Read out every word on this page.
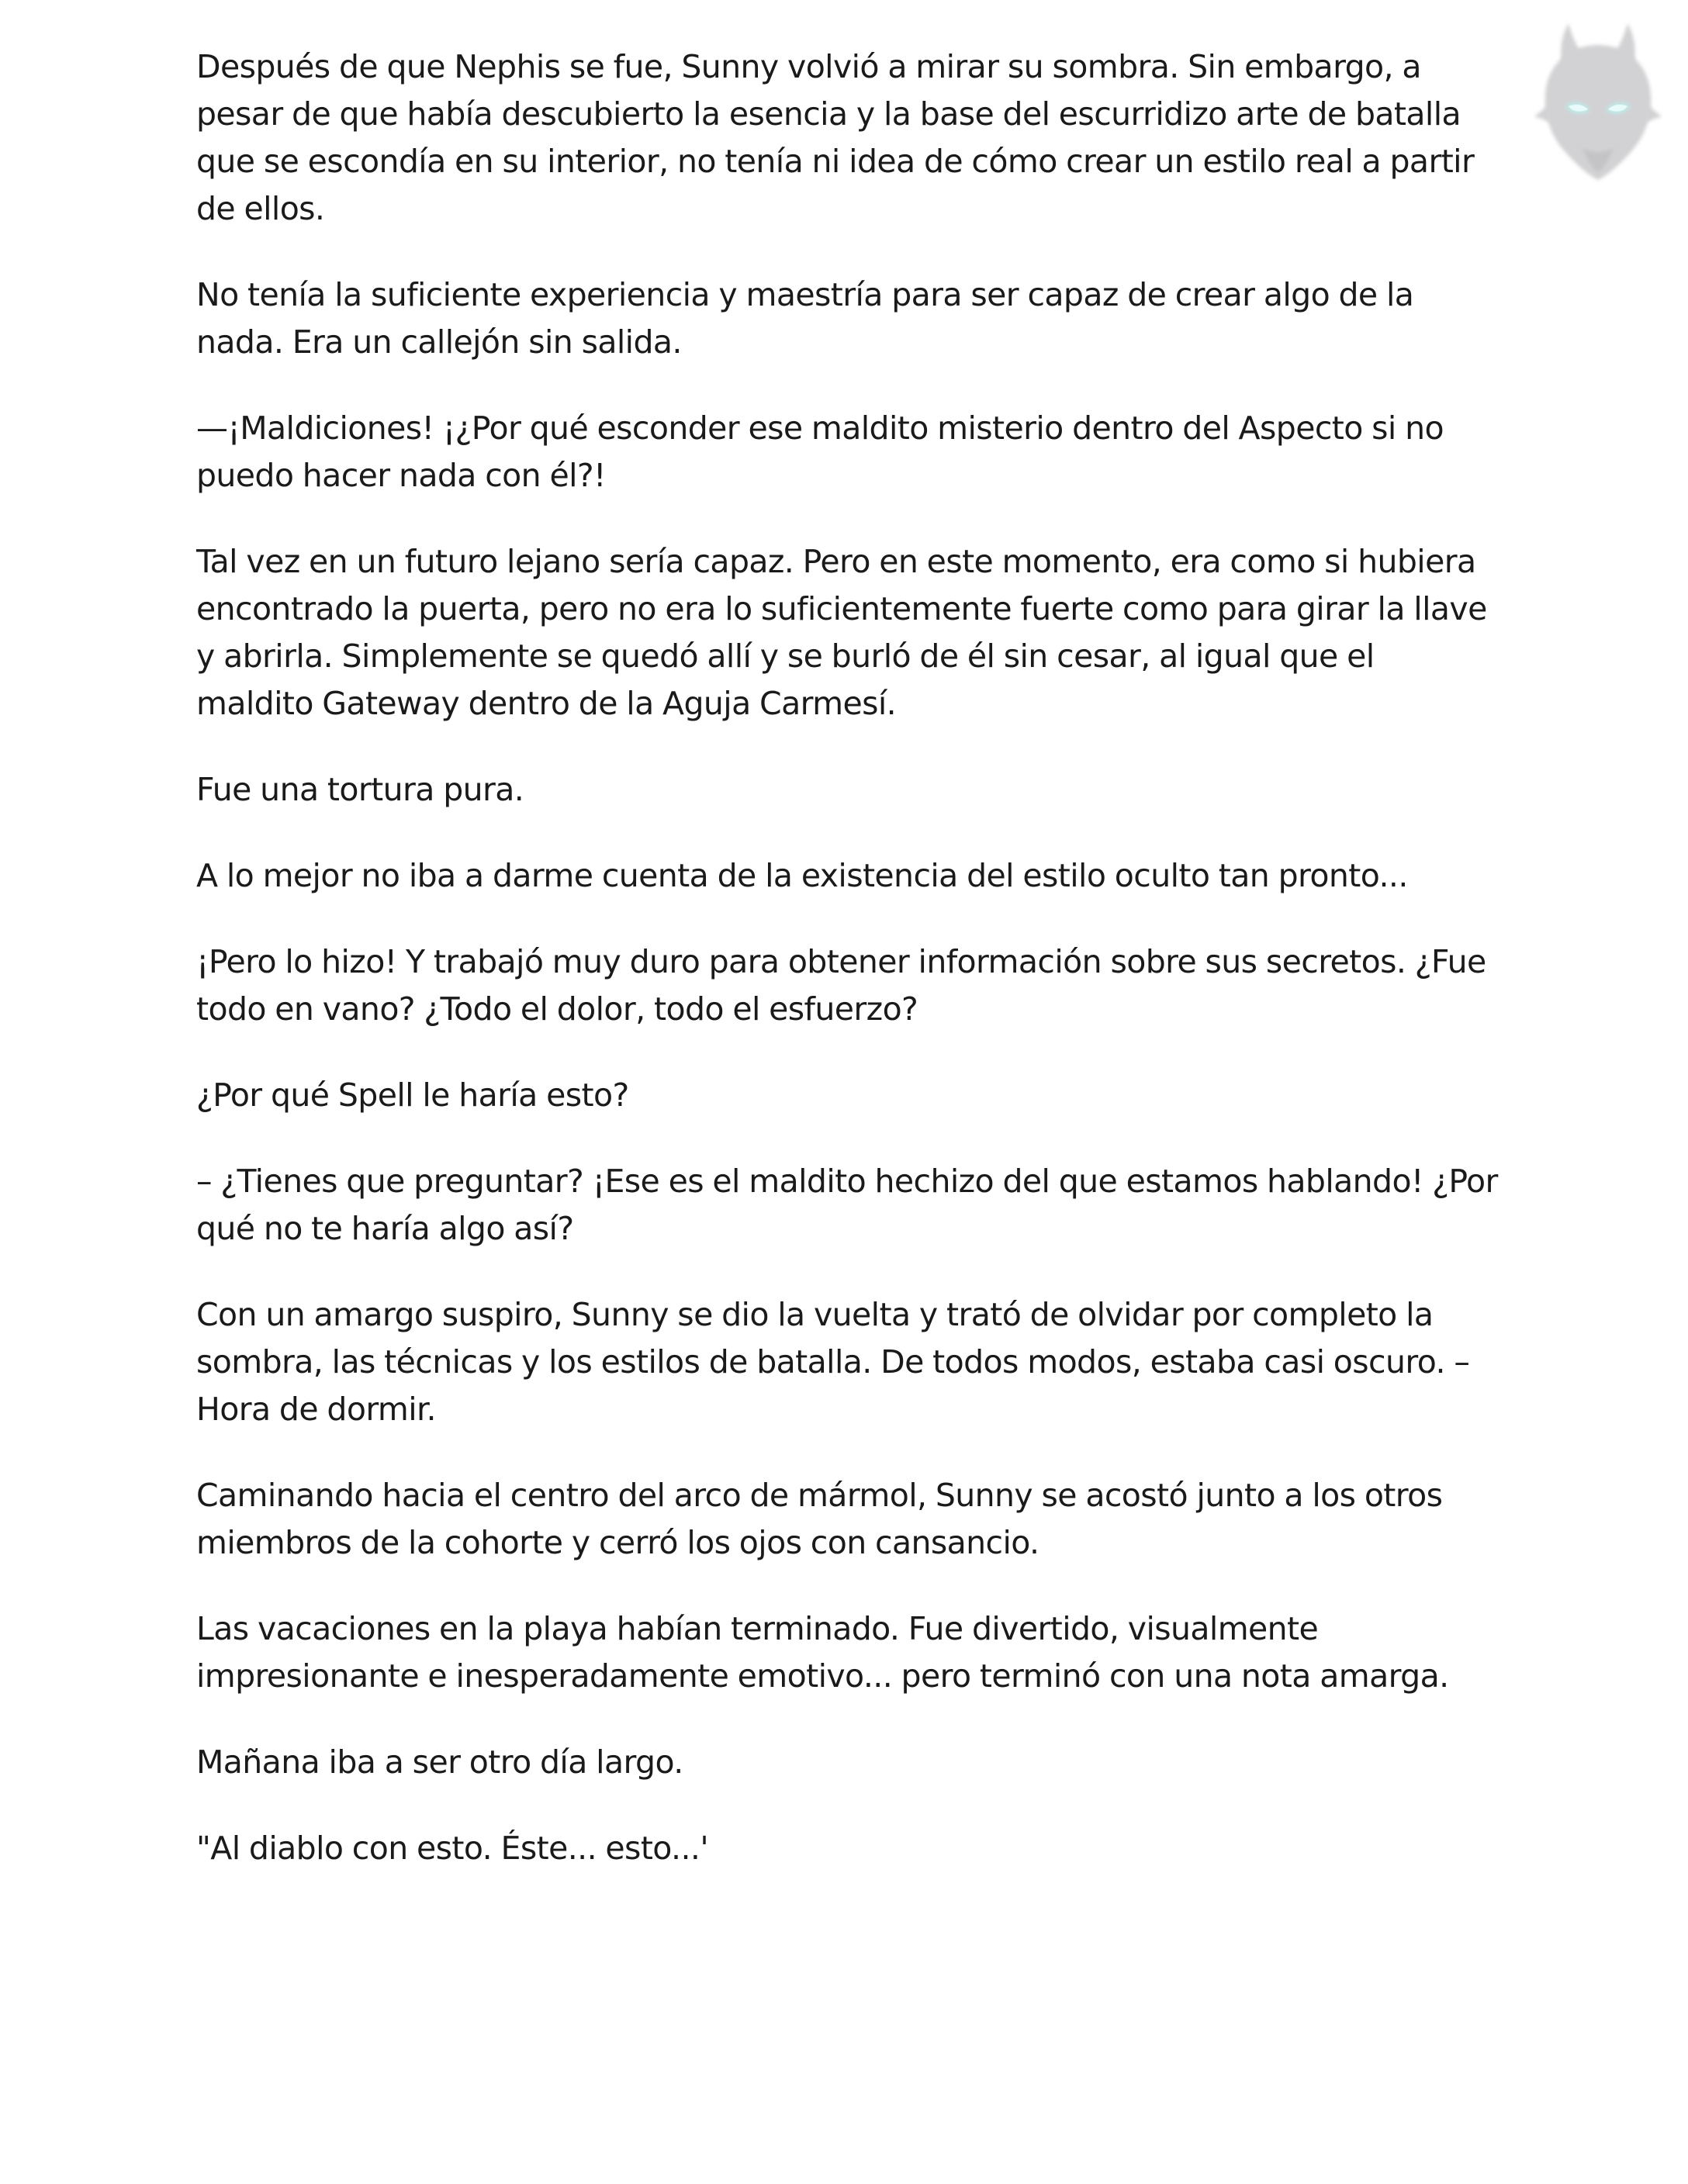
Después de que Nephis se fue, Sunny volvió a mirar su sombra. Sin embargo, a pesar de que había descubierto la esencia y la base del escurridizo arte de batalla que se escondía en su interior, no tenía ni idea de cómo crear un estilo real a partir de ellos.

No tenía la suficiente experiencia y maestría para ser capaz de crear algo de la nada. Era un callejón sin salida.

—¡Maldiciones! ¡¿Por qué esconder ese maldito misterio dentro del Aspecto si no puedo hacer nada con él?!

Tal vez en un futuro lejano sería capaz. Pero en este momento, era como si hubiera encontrado la puerta, pero no era lo suficientemente fuerte como para girar la llave y abrirla. Simplemente se quedó allí y se burló de él sin cesar, al igual que el maldito Gateway dentro de la Aguja Carmesí.

Fue una tortura pura.

A lo mejor no iba a darme cuenta de la existencia del estilo oculto tan pronto...

¡Pero lo hizo! Y trabajó muy duro para obtener información sobre sus secretos. ¿Fue todo en vano? ¿Todo el dolor, todo el esfuerzo?

¿Por qué Spell le haría esto?

– ¿Tienes que preguntar? ¡Ese es el maldito hechizo del que estamos hablando! ¿Por qué no te haría algo así?

Con un amargo suspiro, Sunny se dio la vuelta y trató de olvidar por completo la sombra, las técnicas y los estilos de batalla. De todos modos, estaba casi oscuro. – Hora de dormir.

Caminando hacia el centro del arco de mármol, Sunny se acostó junto a los otros miembros de la cohorte y cerró los ojos con cansancio.

Las vacaciones en la playa habían terminado. Fue divertido, visualmente impresionante e inesperadamente emotivo... pero terminó con una nota amarga.

Mañana iba a ser otro día largo.

"Al diablo con esto. Éste... esto...'
